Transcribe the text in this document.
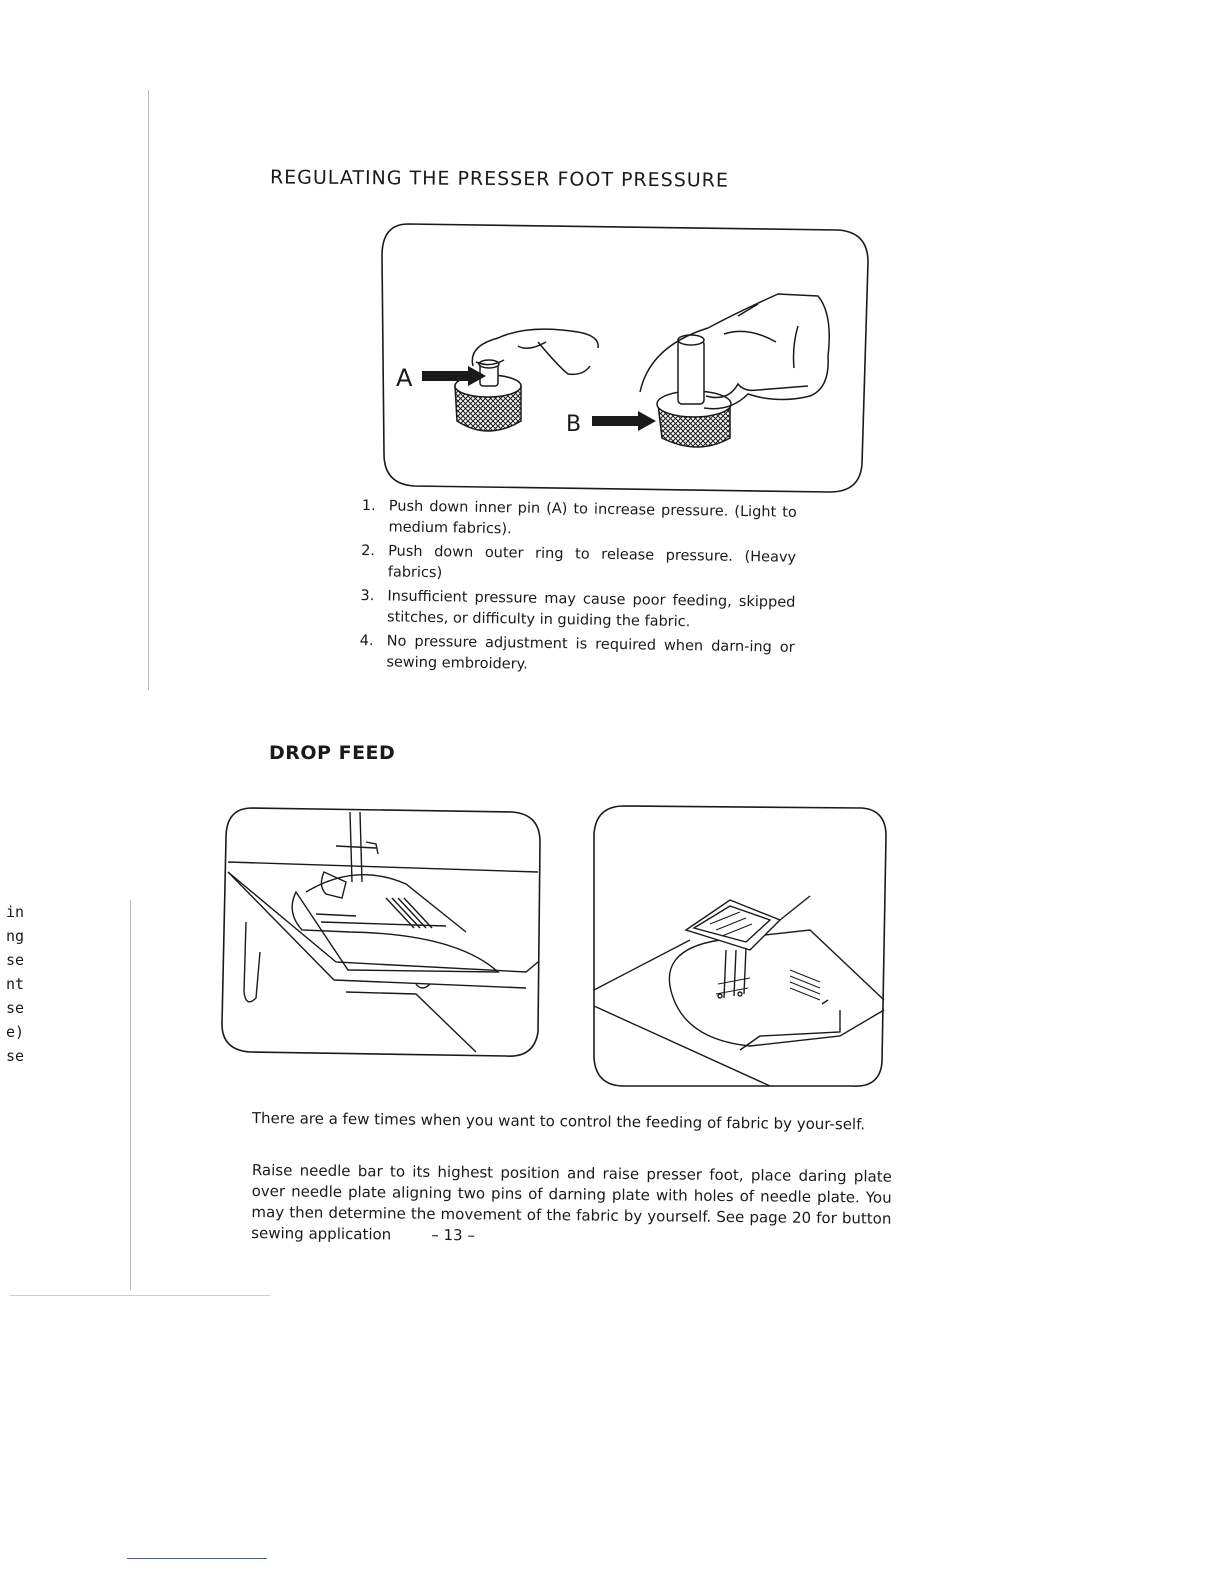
in
ng
se
nt
se
e)
se
REGULATING THE PRESSER FOOT PRESSURE
A
B
1. Push down inner pin (A) to increase pressure. (Light to medium fabrics).
2. Push down outer ring to release pressure. (Heavy fabrics)
3. Insufficient pressure may cause poor feeding, skipped stitches, or difficulty in guiding the fabric.
4. No pressure adjustment is required when darn-ing or sewing embroidery.
DROP FEED

There are a few times when you want to control the feeding of fabric by your-self.

Raise needle bar to its highest position and raise presser foot, place daring plate over needle plate aligning two pins of darning plate with holes of needle plate. You may then determine the movement of the fabric by yourself. See page 20 for button sewing application	– 13 –
